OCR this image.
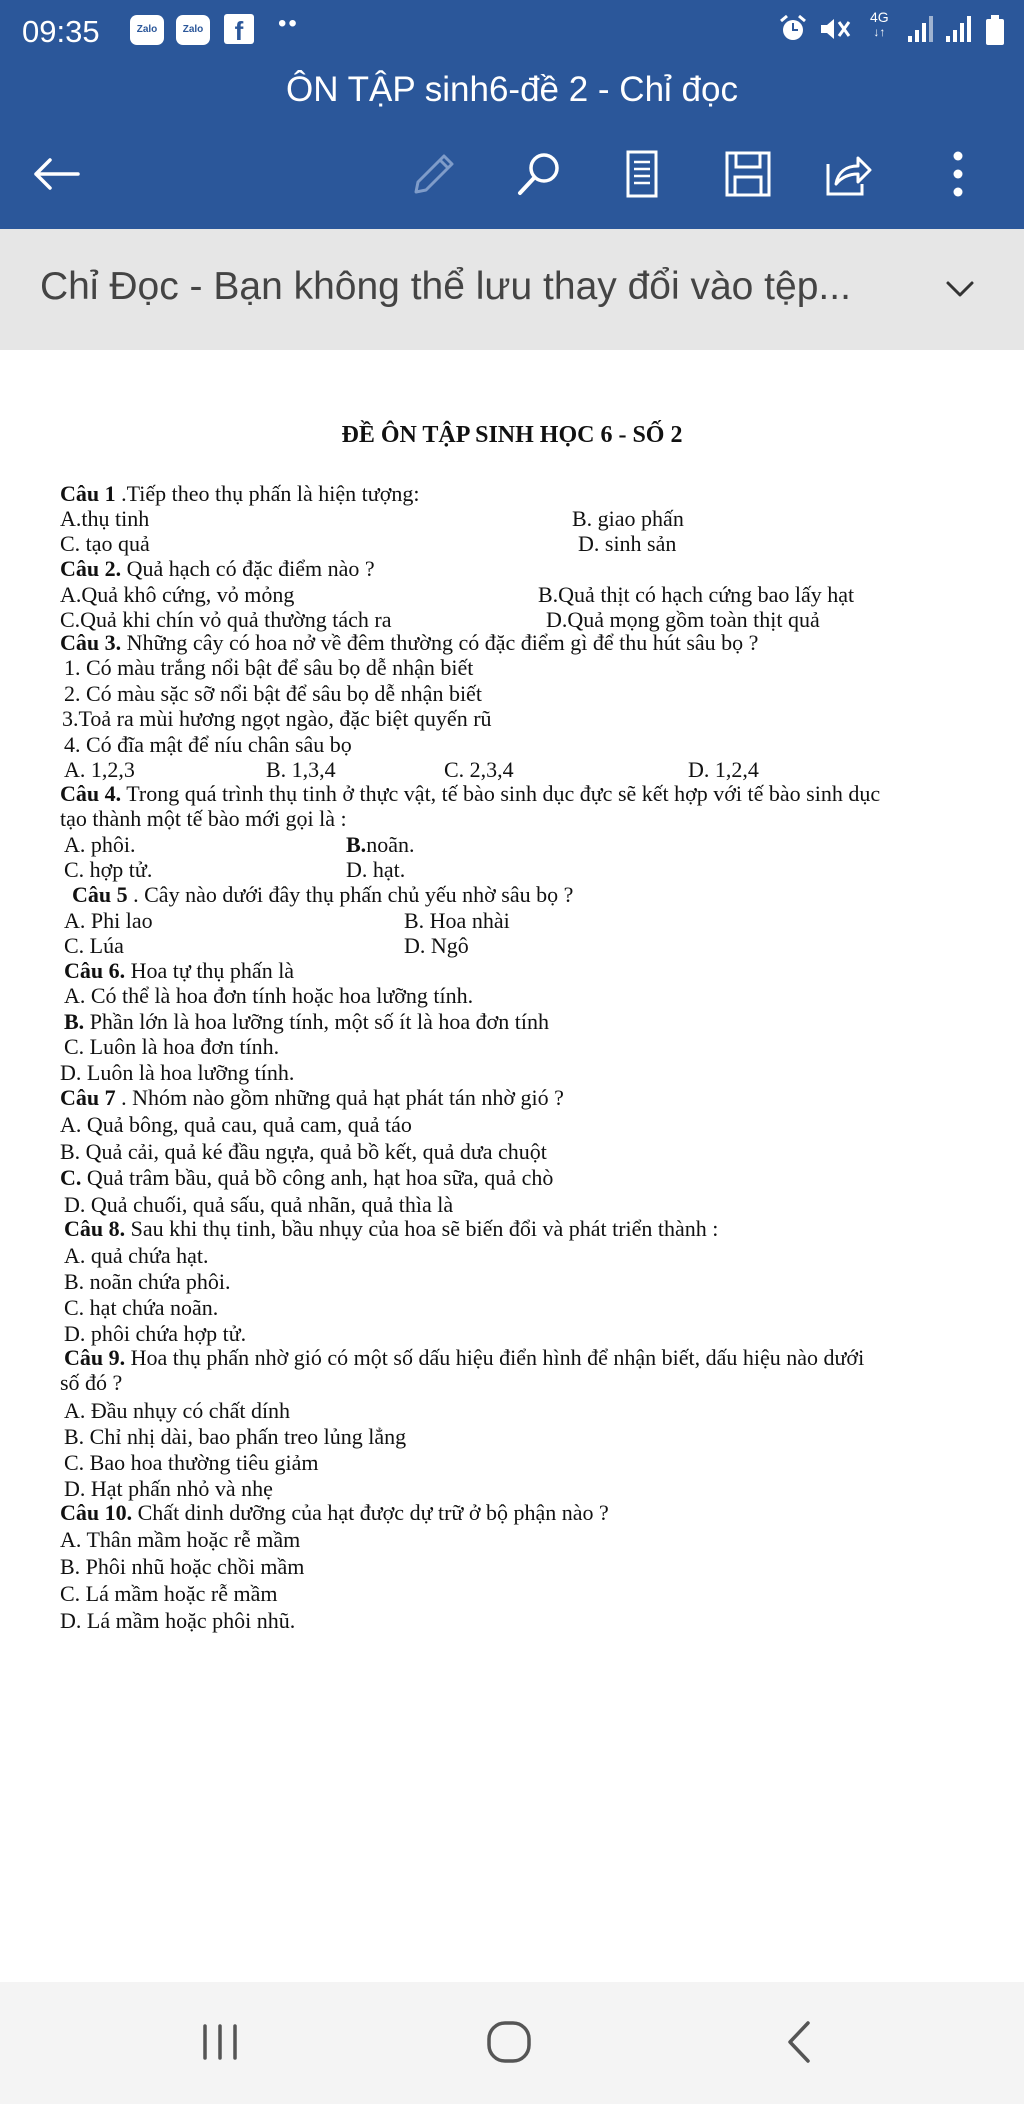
09:35	Zalo	Zalo	f	••	4G
↓↑
ÔN TẬP sinh6-đề 2 - Chỉ đọc
Chỉ Đọc - Bạn không thể lưu thay đổi vào tệp...
ĐỀ ÔN TẬP SINH HỌC 6 - SỐ 2
Câu 1 .Tiếp theo thụ phấn là hiện tượng:
A.thụ tinh	B. giao phấn
C. tạo quả	D. sinh sản
Câu 2. Quả hạch có đặc điểm nào ?
A.Quả khô cứng, vỏ mỏng	B.Quả thịt có hạch cứng bao lấy hạt
C.Quả khi chín vỏ quả thường tách ra	D.Quả mọng gồm toàn thịt quả
Câu 3. Những cây có hoa nở về đêm thường có đặc điểm gì để thu hút sâu bọ ?
1. Có màu trắng nổi bật để sâu bọ dễ nhận biết
2. Có màu sặc sỡ nổi bật để sâu bọ dễ nhận biết
3.Toả ra mùi hương ngọt ngào, đặc biệt quyến rũ
4. Có đĩa mật để níu chân sâu bọ
A. 1,2,3	B. 1,3,4	C. 2,3,4	D. 1,2,4
Câu 4. Trong quá trình thụ tinh ở thực vật, tế bào sinh dục đực sẽ kết hợp với tế bào sinh dục
tạo thành một tế bào mới gọi là :
A. phôi.	B.noãn.
C. hợp tử.	D. hạt.
Câu 5 . Cây nào dưới đây thụ phấn chủ yếu nhờ sâu bọ ?
A. Phi lao	B. Hoa nhài
C. Lúa	D. Ngô
Câu 6. Hoa tự thụ phấn là
A. Có thể là hoa đơn tính hoặc hoa lưỡng tính.
B. Phần lớn là hoa lưỡng tính, một số ít là hoa đơn tính
C. Luôn là hoa đơn tính.
D. Luôn là hoa lưỡng tính.
Câu 7 . Nhóm nào gồm những quả hạt phát tán nhờ gió ?
A. Quả bông, quả cau, quả cam, quả táo
B. Quả cải, quả ké đầu ngựa, quả bồ kết, quả dưa chuột
C. Quả trâm bầu, quả bồ công anh, hạt hoa sữa, quả chò
D. Quả chuối, quả sấu, quả nhãn, quả thìa là
Câu 8. Sau khi thụ tinh, bầu nhụy của hoa sẽ biến đổi và phát triển thành :
A. quả chứa hạt.
B. noãn chứa phôi.
C. hạt chứa noãn.
D. phôi chứa hợp tử.
Câu 9. Hoa thụ phấn nhờ gió có một số dấu hiệu điển hình để nhận biết, dấu hiệu nào dưới
số đó ?
A. Đầu nhụy có chất dính
B. Chỉ nhị dài, bao phấn treo lủng lẳng
C. Bao hoa thường tiêu giảm
D. Hạt phấn nhỏ và nhẹ
Câu 10. Chất dinh dưỡng của hạt được dự trữ ở bộ phận nào ?
A. Thân mầm hoặc rễ mầm
B. Phôi nhũ hoặc chồi mầm
C. Lá mầm hoặc rễ mầm
D. Lá mầm hoặc phôi nhũ.
